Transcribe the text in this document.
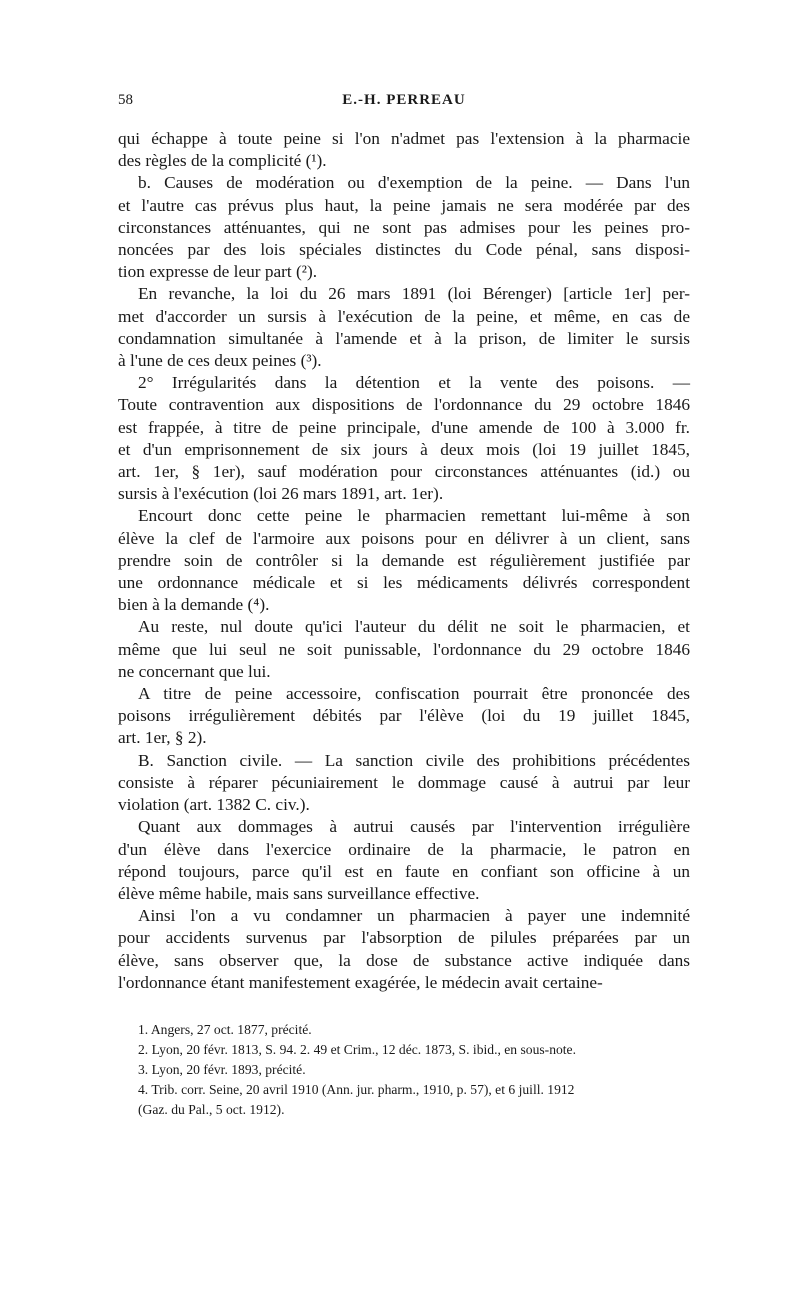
58	E.-H. PERREAU

qui échappe à toute peine si l'on n'admet pas l'extension à la pharmacie
des règles de la complicité (¹).

b. Causes de modération ou d'exemption de la peine. — Dans l'un
et l'autre cas prévus plus haut, la peine jamais ne sera modérée par des
circonstances atténuantes, qui ne sont pas admises pour les peines pro-
noncées par des lois spéciales distinctes du Code pénal, sans disposi-
tion expresse de leur part (²).

En revanche, la loi du 26 mars 1891 (loi Bérenger) [article 1er] per-
met d'accorder un sursis à l'exécution de la peine, et même, en cas de
condamnation simultanée à l'amende et à la prison, de limiter le sursis
à l'une de ces deux peines (³).

2° Irrégularités dans la détention et la vente des poisons. —
Toute contravention aux dispositions de l'ordonnance du 29 octobre 1846
est frappée, à titre de peine principale, d'une amende de 100 à 3.000 fr.
et d'un emprisonnement de six jours à deux mois (loi 19 juillet 1845,
art. 1er, § 1er), sauf modération pour circonstances atténuantes (id.) ou
sursis à l'exécution (loi 26 mars 1891, art. 1er).

Encourt donc cette peine le pharmacien remettant lui-même à son
élève la clef de l'armoire aux poisons pour en délivrer à un client, sans
prendre soin de contrôler si la demande est régulièrement justifiée par
une ordonnance médicale et si les médicaments délivrés correspondent
bien à la demande (⁴).

Au reste, nul doute qu'ici l'auteur du délit ne soit le pharmacien, et
même que lui seul ne soit punissable, l'ordonnance du 29 octobre 1846
ne concernant que lui.

A titre de peine accessoire, confiscation pourrait être prononcée des
poisons irrégulièrement débités par l'élève (loi du 19 juillet 1845,
art. 1er, § 2).

B. Sanction civile. — La sanction civile des prohibitions précédentes
consiste à réparer pécuniairement le dommage causé à autrui par leur
violation (art. 1382 C. civ.).

Quant aux dommages à autrui causés par l'intervention irrégulière
d'un élève dans l'exercice ordinaire de la pharmacie, le patron en
répond toujours, parce qu'il est en faute en confiant son officine à un
élève même habile, mais sans surveillance effective.

Ainsi l'on a vu condamner un pharmacien à payer une indemnité
pour accidents survenus par l'absorption de pilules préparées par un
élève, sans observer que, la dose de substance active indiquée dans
l'ordonnance étant manifestement exagérée, le médecin avait certaine-

1. Angers, 27 oct. 1877, précité.

2. Lyon, 20 févr. 1813, S. 94. 2. 49 et Crim., 12 déc. 1873, S. ibid., en sous-note.

3. Lyon, 20 févr. 1893, précité.

4. Trib. corr. Seine, 20 avril 1910 (Ann. jur. pharm., 1910, p. 57), et 6 juill. 1912
(Gaz. du Pal., 5 oct. 1912).
